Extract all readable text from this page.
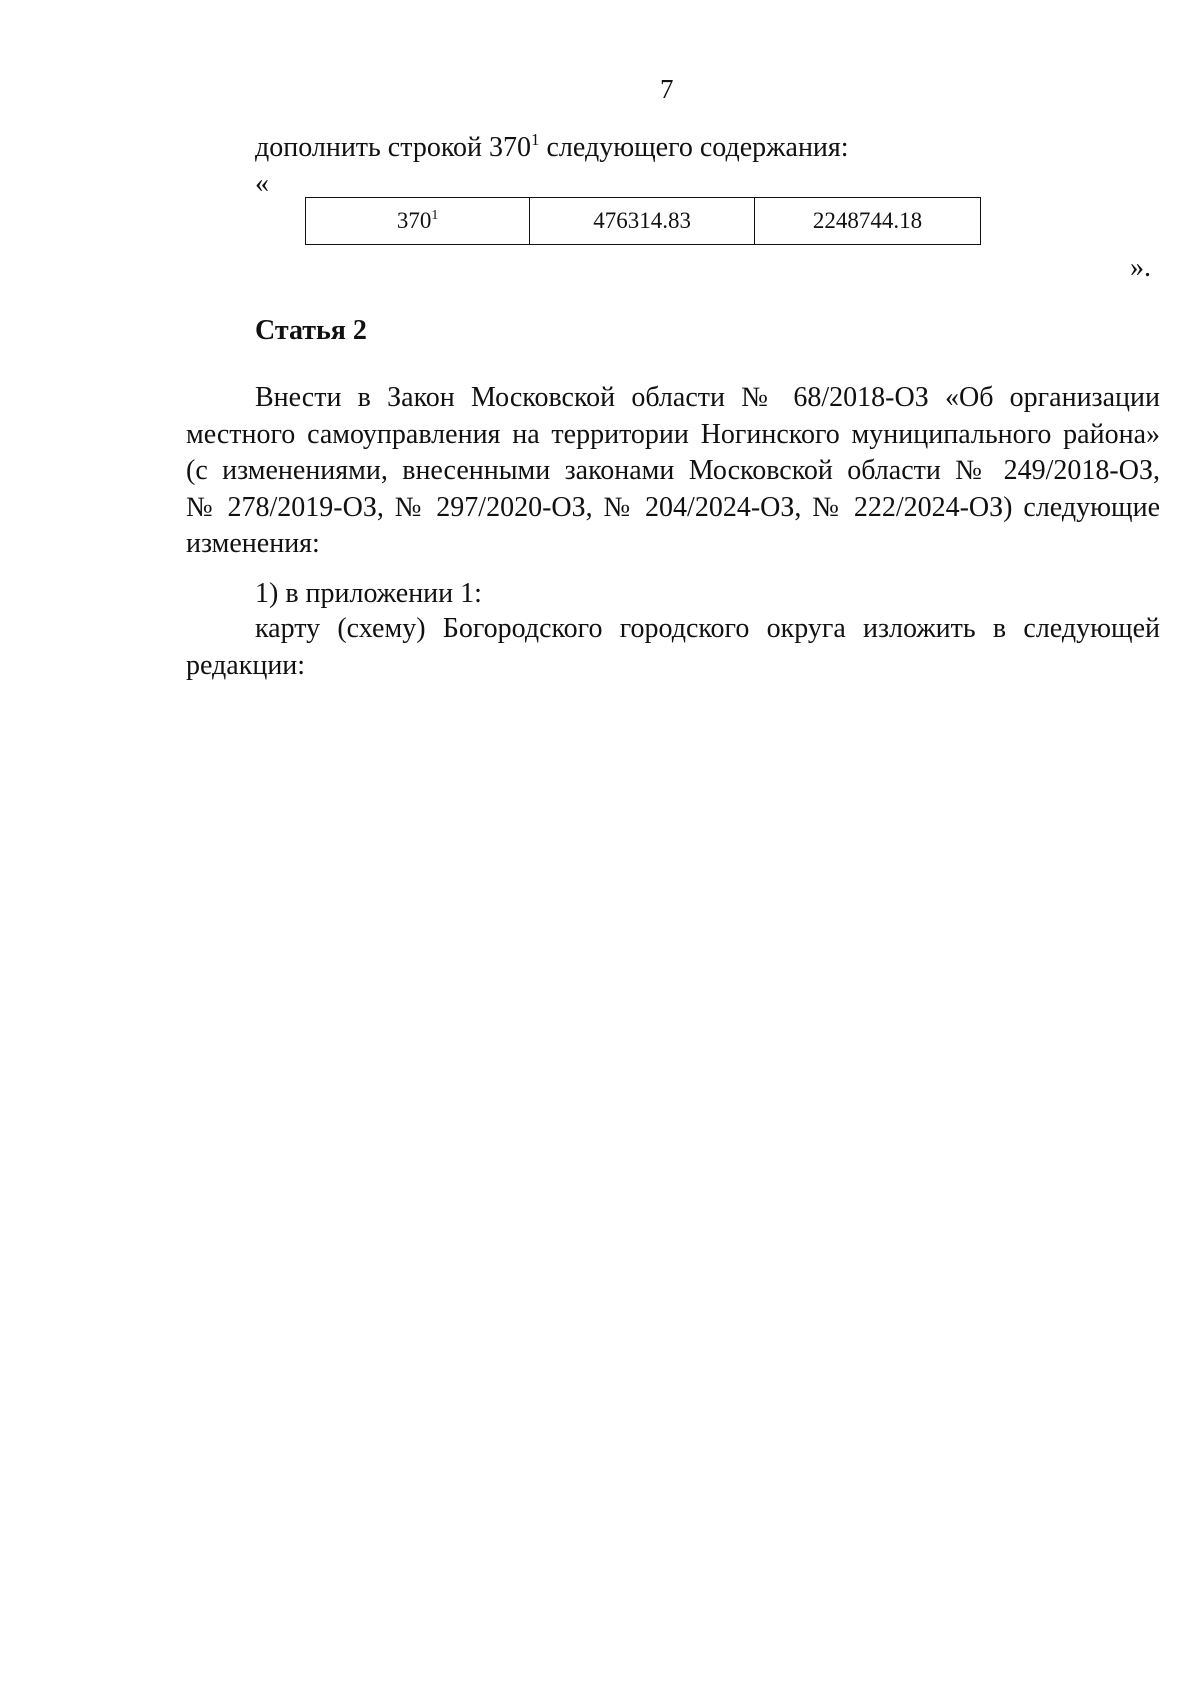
7
дополнить строкой $370^1$ следующего содержания:
«
$370^1$	476314.83	2248744.18
».
Статья 2
Внести в Закон Московской области № 68/2018-ОЗ «Об организации
местного самоуправления на территории Ногинского муниципального района»
(с изменениями, внесенными законами Московской области № 249/2018-ОЗ,
№ 278/2019-ОЗ, № 297/2020-ОЗ, № 204/2024-ОЗ, № 222/2024-ОЗ) следующие
изменения:
1) в приложении 1:
карту (схему) Богородского городского округа изложить в следующей
редакции:
